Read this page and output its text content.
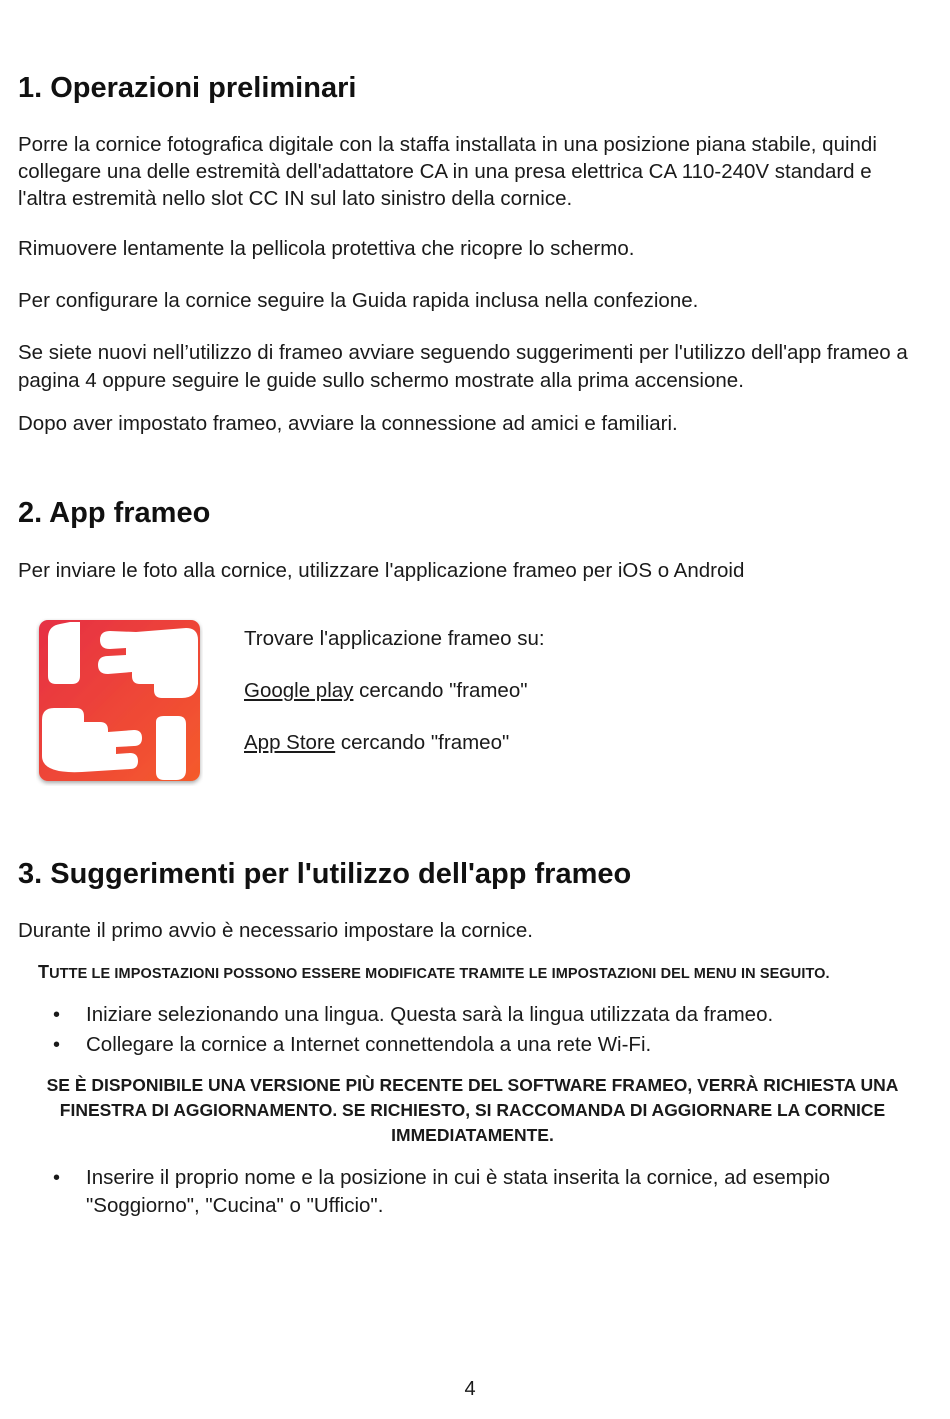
1. Operazioni preliminari

Porre la cornice fotografica digitale con la staffa installata in una posizione piana stabile, quindi collegare una delle estremità dell'adattatore CA in una presa elettrica CA 110-240V standard e l'altra estremità nello slot CC IN sul lato sinistro della cornice.

Rimuovere lentamente la pellicola protettiva che ricopre lo schermo.

Per configurare la cornice seguire la Guida rapida inclusa nella confezione.

Se siete nuovi nell’utilizzo di frameo avviare seguendo suggerimenti per l'utilizzo dell'app frameo a pagina 4 oppure seguire le guide sullo schermo mostrate alla prima accensione.

Dopo aver impostato frameo, avviare la connessione ad amici e familiari.

2. App frameo

Per inviare le foto alla cornice, utilizzare l'applicazione frameo per iOS o Android

Trovare l'applicazione frameo su:

Google play cercando "frameo"

App Store cercando "frameo"

3. Suggerimenti per l'utilizzo dell'app frameo

Durante il primo avvio è necessario impostare la cornice.

TUTTE LE IMPOSTAZIONI POSSONO ESSERE MODIFICATE TRAMITE LE IMPOSTAZIONI DEL MENU IN SEGUITO.
• Iniziare selezionando una lingua. Questa sarà la lingua utilizzata da frameo.
• Collegare la cornice a Internet connettendola a una rete Wi-Fi.
SE È DISPONIBILE UNA VERSIONE PIÙ RECENTE DEL SOFTWARE FRAMEO, VERRÀ RICHIESTA UNA FINESTRA DI AGGIORNAMENTO. SE RICHIESTO, SI RACCOMANDA DI AGGIORNARE LA CORNICE IMMEDIATAMENTE.
• Inserire il proprio nome e la posizione in cui è stata inserita la cornice, ad esempio "Soggiorno", "Cucina" o "Ufficio".
4
